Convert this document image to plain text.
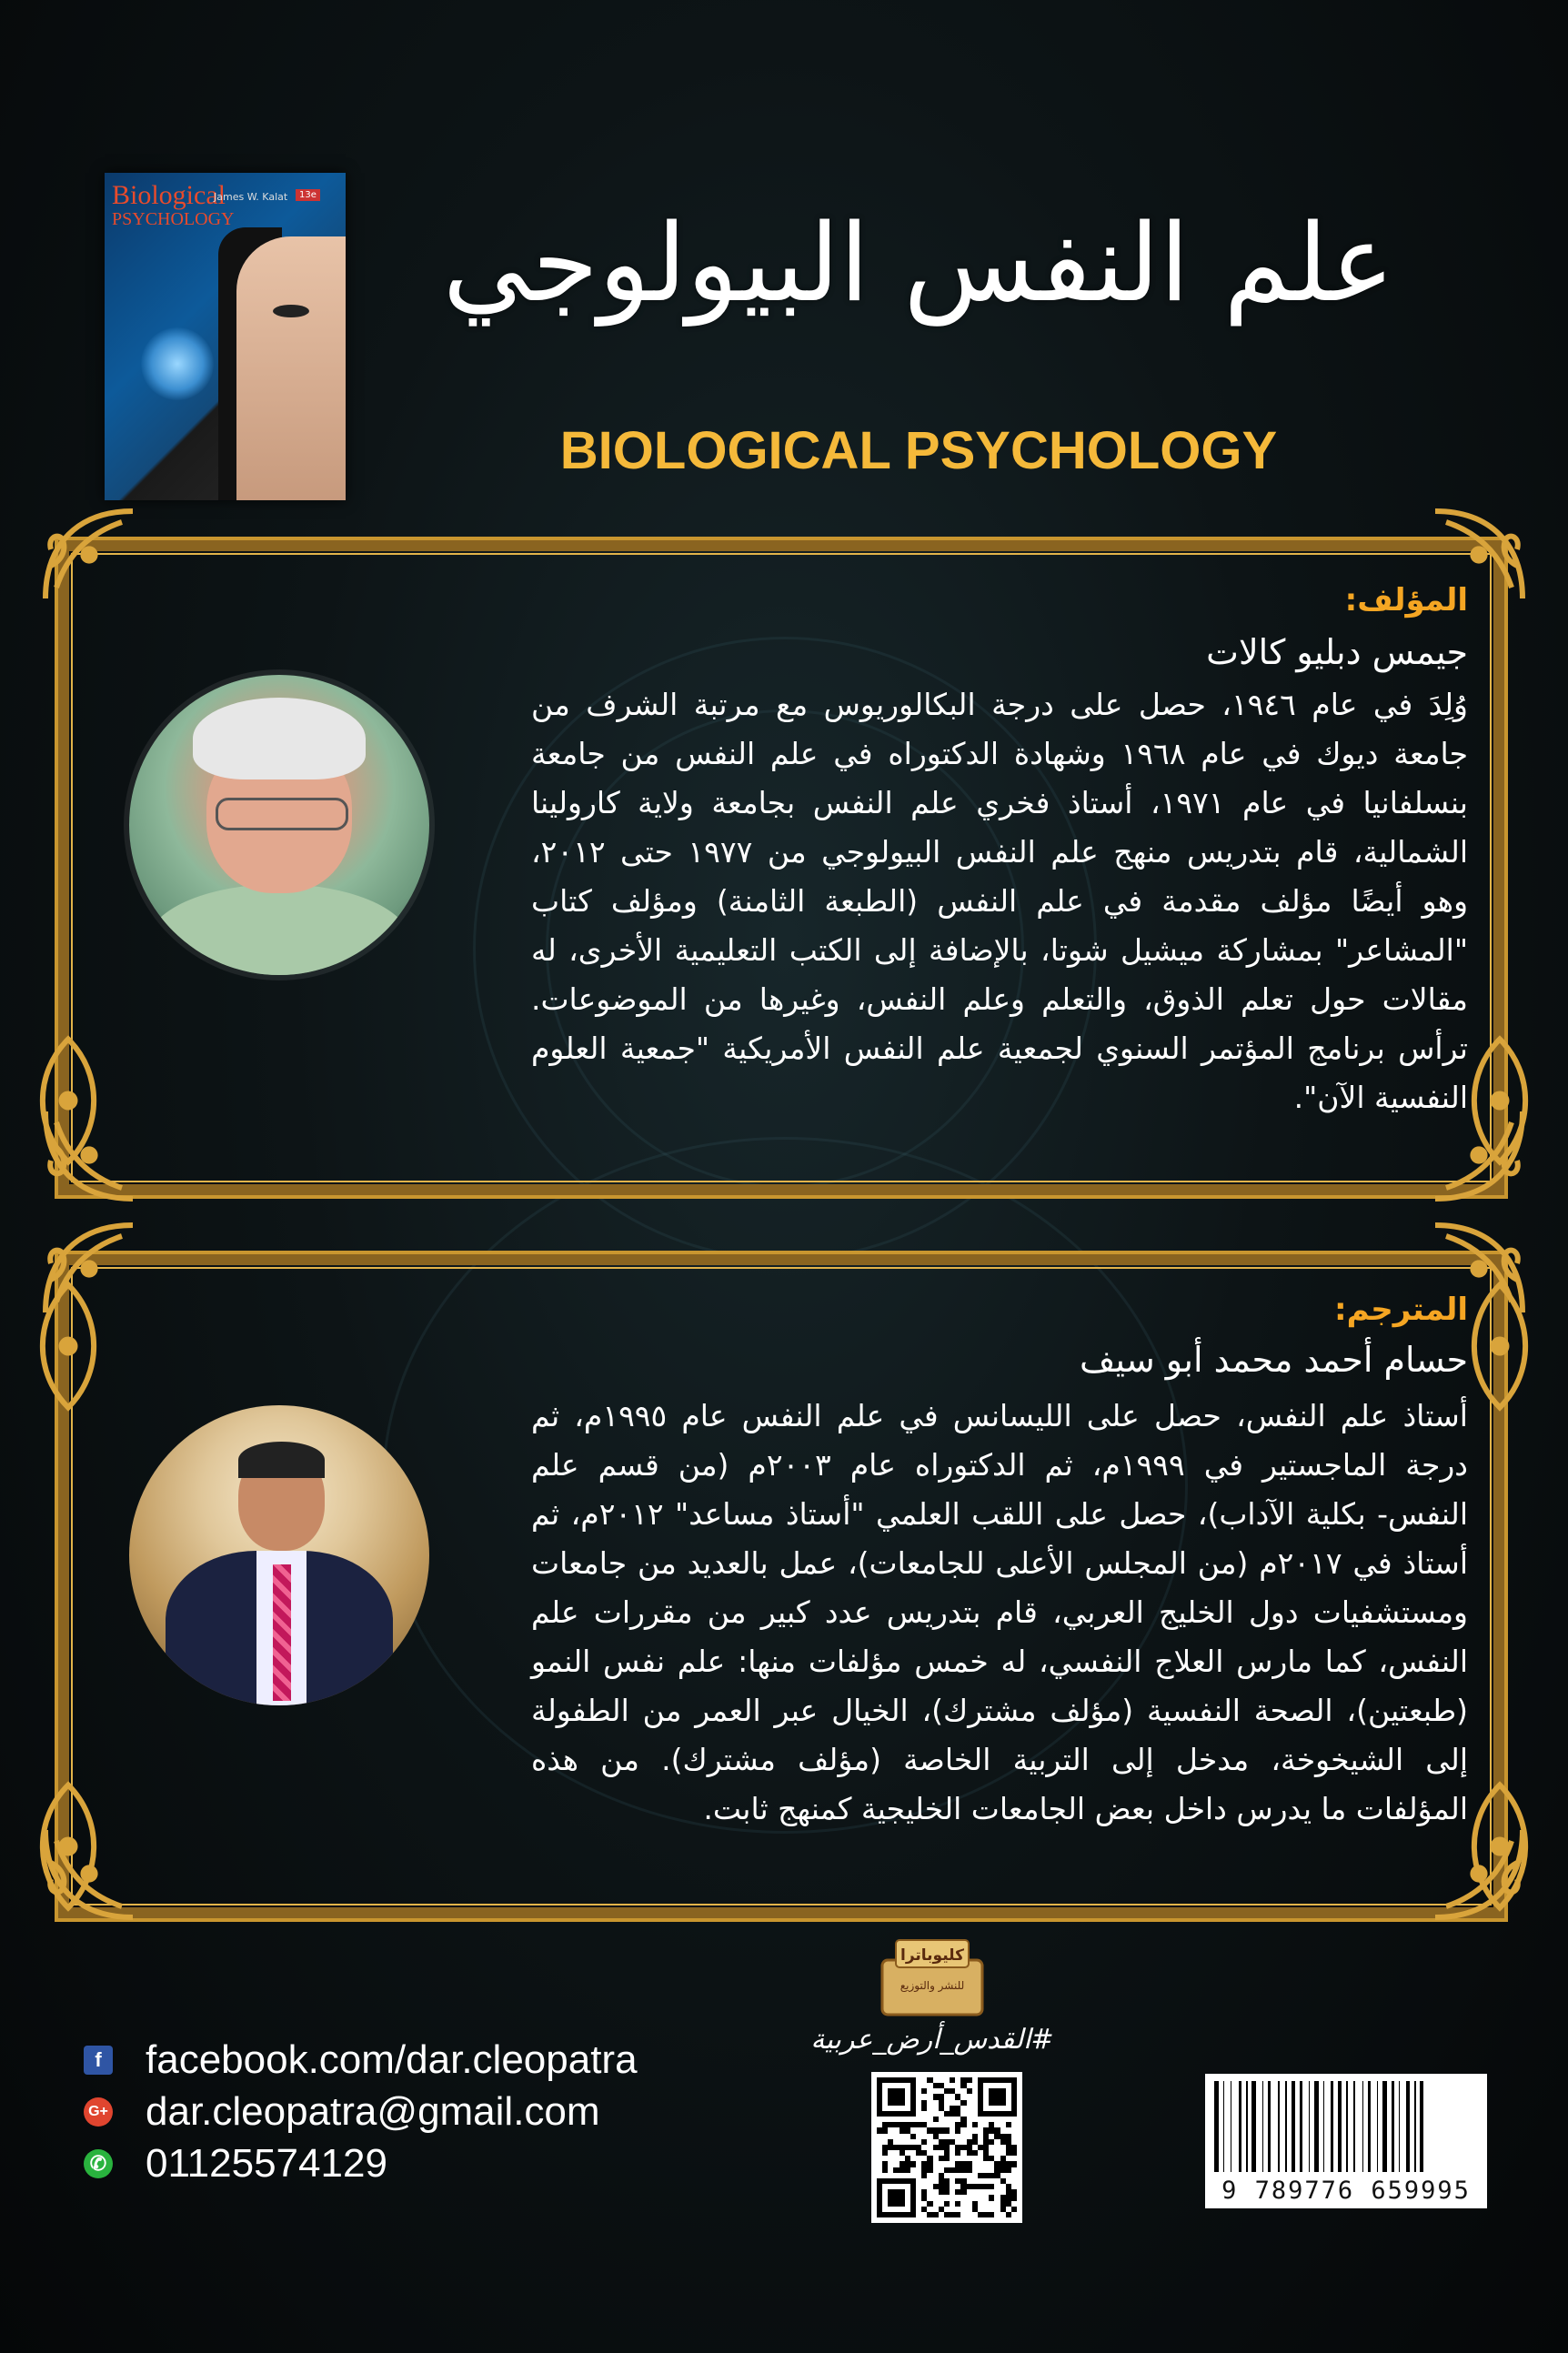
Biological
PSYCHOLOGY
James W. Kalat	13e
علم النفس البيولوجي
BIOLOGICAL PSYCHOLOGY
المؤلف:
جيمس دبليو كالات
وُلِدَ في عام ١٩٤٦، حصل على درجة البكالوريوس مع مرتبة الشرف من جامعة ديوك في عام ١٩٦٨ وشهادة الدكتوراه في علم النفس من جامعة بنسلفانيا في عام ١٩٧١، أستاذ فخري علم النفس بجامعة ولاية كارولينا الشمالية، قام بتدريس منهج علم النفس البيولوجي من ١٩٧٧ حتى ٢٠١٢، وهو أيضًا مؤلف مقدمة في علم النفس (الطبعة الثامنة) ومؤلف كتاب "المشاعر" بمشاركة ميشيل شوتا، بالإضافة إلى الكتب التعليمية الأخرى، له مقالات حول تعلم الذوق، والتعلم وعلم النفس، وغيرها من الموضوعات. ترأس برنامج المؤتمر السنوي لجمعية علم النفس الأمريكية "جمعية العلوم النفسية الآن".
المترجم:
حسام أحمد محمد أبو سيف
أستاذ علم النفس، حصل على الليسانس في علم النفس عام ١٩٩٥م، ثم درجة الماجستير في ١٩٩٩م، ثم الدكتوراه عام ٢٠٠٣م (من قسم علم النفس- بكلية الآداب)، حصل على اللقب العلمي "أستاذ مساعد" ٢٠١٢م، ثم أستاذ في ٢٠١٧م (من المجلس الأعلى للجامعات)، عمل بالعديد من جامعات ومستشفيات دول الخليج العربي، قام بتدريس عدد كبير من مقررات علم النفس، كما مارس العلاج النفسي، له خمس مؤلفات منها: علم نفس النمو (طبعتين)، الصحة النفسية (مؤلف مشترك)، الخيال عبر العمر من الطفولة إلى الشيخوخة، مدخل إلى التربية الخاصة (مؤلف مشترك). من هذه المؤلفات ما يدرس داخل بعض الجامعات الخليجية كمنهج ثابت.
كليوباترا
للنشر والتوزيع
#القدس_أرض_عربية
9 789776 659995
f facebook.com/dar.cleopatra
G+ dar.cleopatra@gmail.com
✆ 01125574129
